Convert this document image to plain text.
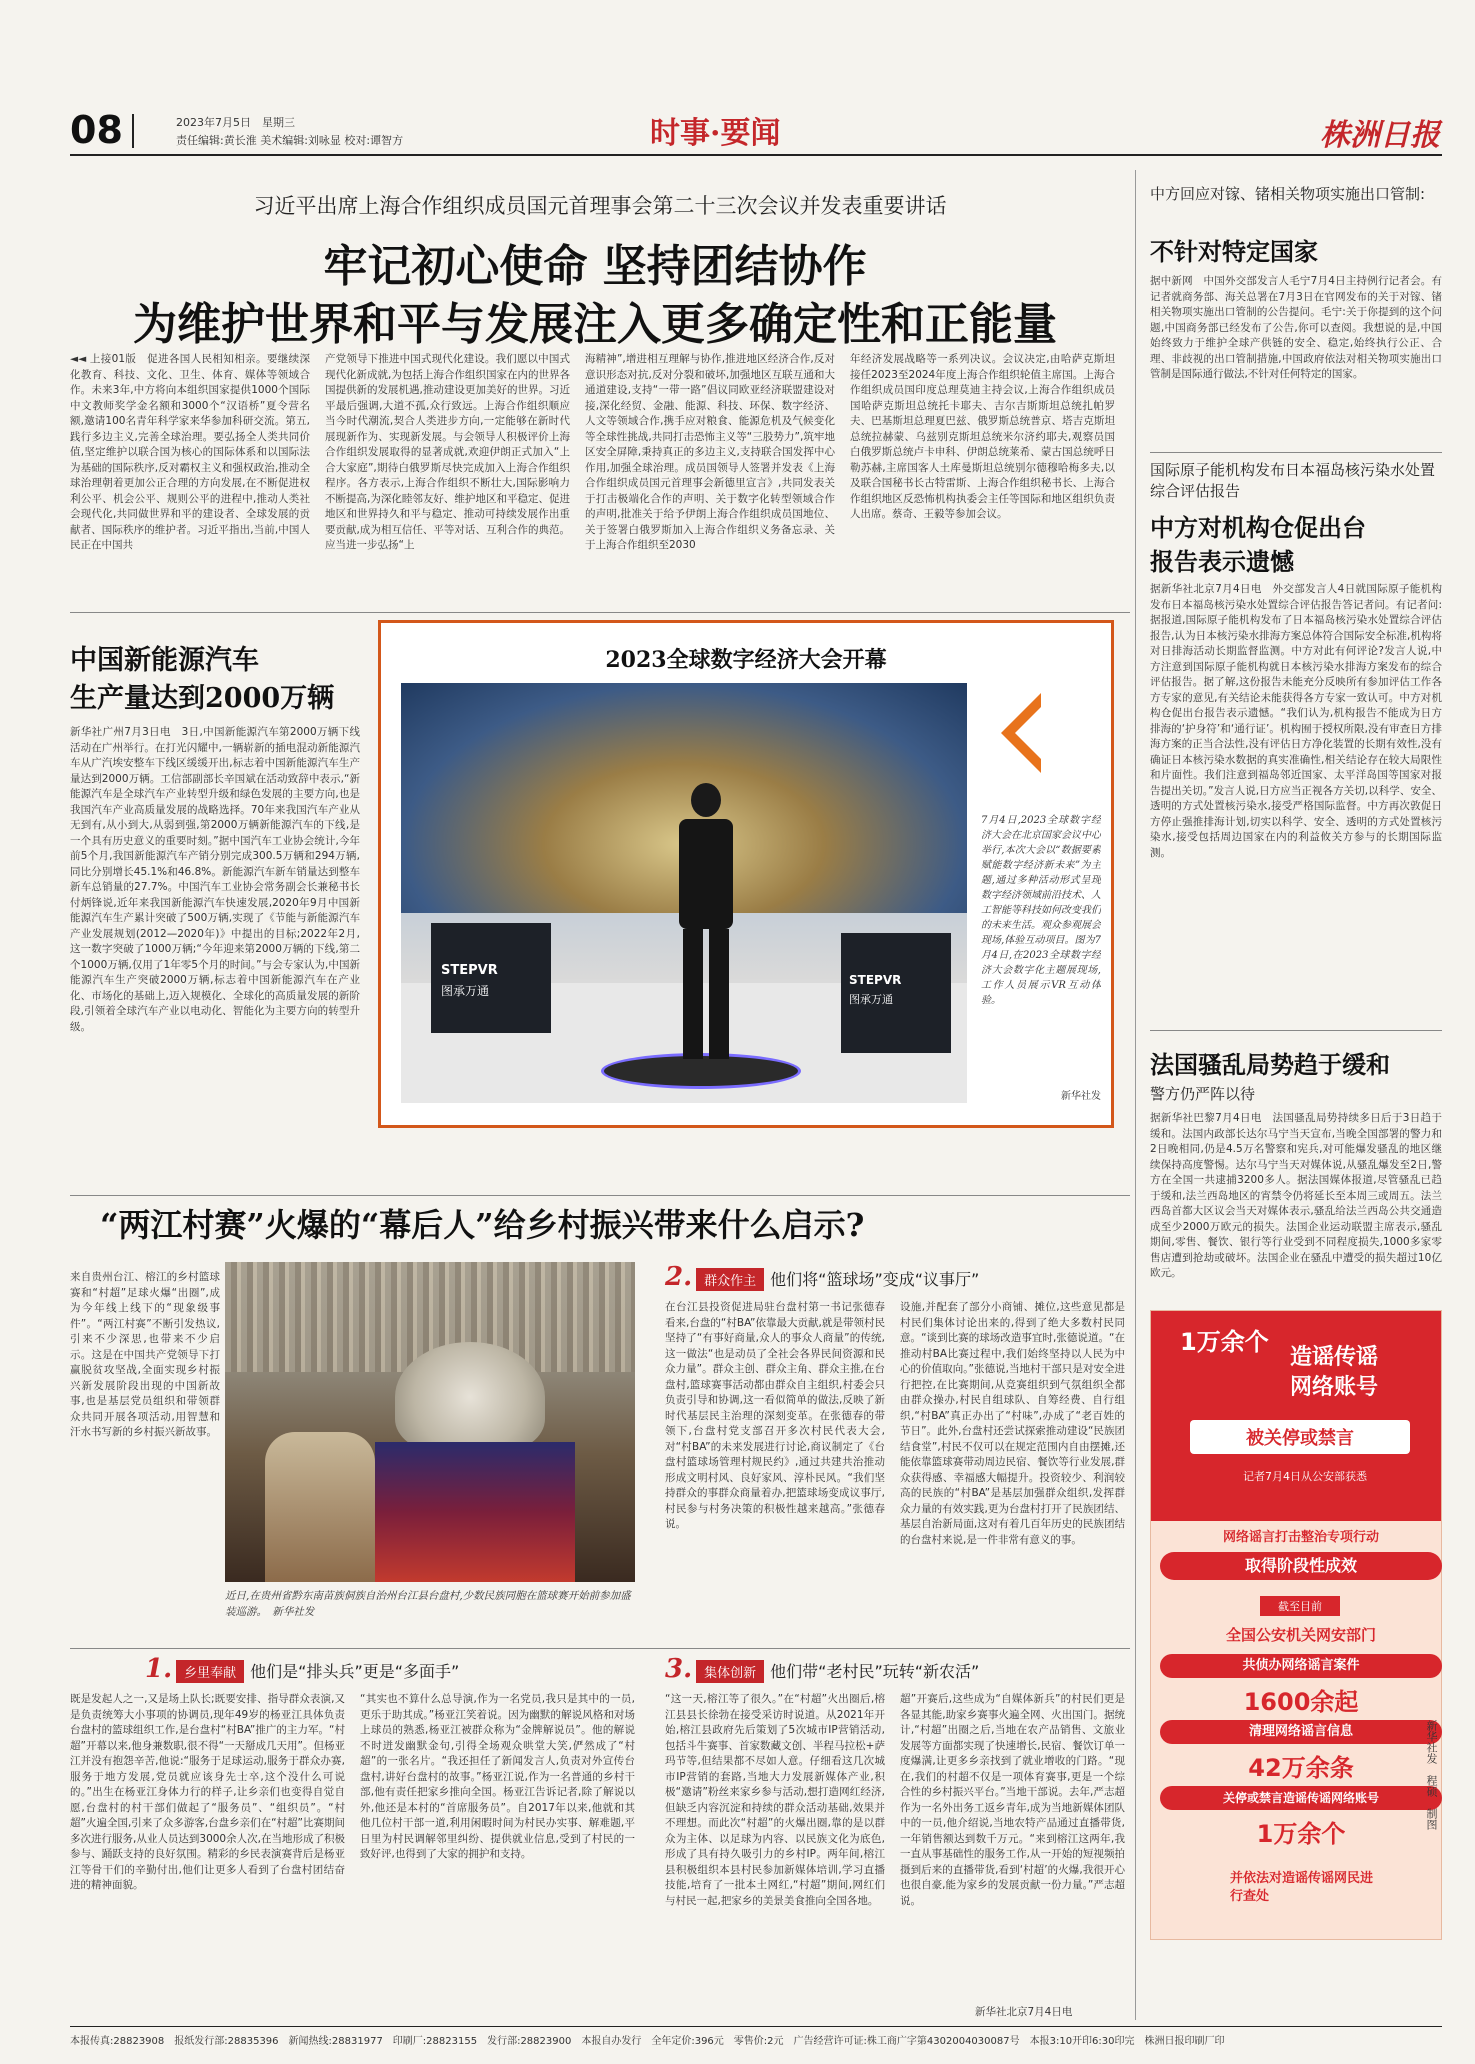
08	2023年7月5日　星期三
责任编辑:黄长淮 美术编辑:刘咏显 校对:谭智方	时事·要闻	株洲日报
习近平出席上海合作组织成员国元首理事会第二十三次会议并发表重要讲话
牢记初心使命 坚持团结协作
为维护世界和平与发展注入更多确定性和正能量
◄◄ 上接01版　促进各国人民相知相亲。要继续深化教育、科技、文化、卫生、体育、媒体等领域合作。未来3年,中方将向本组织国家提供1000个国际中文教师奖学金名额和3000个“汉语桥”夏令营名额,邀请100名青年科学家来华参加科研交流。第五,践行多边主义,完善全球治理。要弘扬全人类共同价值,坚定维护以联合国为核心的国际体系和以国际法为基础的国际秩序,反对霸权主义和强权政治,推动全球治理朝着更加公正合理的方向发展,在不断促进权利公平、机会公平、规则公平的进程中,推动人类社会现代化,共同做世界和平的建设者、全球发展的贡献者、国际秩序的维护者。习近平指出,当前,中国人民正在中国共
产党领导下推进中国式现代化建设。我们愿以中国式现代化新成就,为包括上海合作组织国家在内的世界各国提供新的发展机遇,推动建设更加美好的世界。习近平最后强调,大道不孤,众行致远。上海合作组织顺应当今时代潮流,契合人类进步方向,一定能够在新时代展现新作为、实现新发展。与会领导人积极评价上海合作组织发展取得的显著成就,欢迎伊朗正式加入“上合大家庭”,期待白俄罗斯尽快完成加入上海合作组织程序。各方表示,上海合作组织不断壮大,国际影响力不断提高,为深化睦邻友好、维护地区和平稳定、促进地区和世界持久和平与稳定、推动可持续发展作出重要贡献,成为相互信任、平等对话、互利合作的典范。应当进一步弘扬“上
海精神”,增进相互理解与协作,推进地区经济合作,反对意识形态对抗,反对分裂和破坏,加强地区互联互通和大通道建设,支持“一带一路”倡议同欧亚经济联盟建设对接,深化经贸、金融、能源、科技、环保、数字经济、人文等领域合作,携手应对粮食、能源危机及气候变化等全球性挑战,共同打击恐怖主义等“三股势力”,筑牢地区安全屏障,秉持真正的多边主义,支持联合国发挥中心作用,加强全球治理。成员国领导人签署并发表《上海合作组织成员国元首理事会新德里宣言》,共同发表关于打击极端化合作的声明、关于数字化转型领域合作的声明,批准关于给予伊朗上海合作组织成员国地位、关于签署白俄罗斯加入上海合作组织义务备忘录、关于上海合作组织至2030
年经济发展战略等一系列决议。会议决定,由哈萨克斯坦接任2023至2024年度上海合作组织轮值主席国。上海合作组织成员国印度总理莫迪主持会议,上海合作组织成员国哈萨克斯坦总统托卡耶夫、吉尔吉斯斯坦总统扎帕罗夫、巴基斯坦总理夏巴兹、俄罗斯总统普京、塔吉克斯坦总统拉赫蒙、乌兹别克斯坦总统米尔济约耶夫,观察员国白俄罗斯总统卢卡申科、伊朗总统莱希、蒙古国总统呼日勒苏赫,主席国客人土库曼斯坦总统别尔德穆哈梅多夫,以及联合国秘书长古特雷斯、上海合作组织秘书长、上海合作组织地区反恐怖机构执委会主任等国际和地区组织负责人出席。蔡奇、王毅等参加会议。
中国新能源汽车
生产量达到2000万辆
新华社广州7月3日电　3日,中国新能源汽车第2000万辆下线活动在广州举行。在打光闪耀中,一辆崭新的插电混动新能源汽车从广汽埃安整车下线区缓缓开出,标志着中国新能源汽车生产量达到2000万辆。工信部副部长辛国斌在活动致辞中表示,“新能源汽车是全球汽车产业转型升级和绿色发展的主要方向,也是我国汽车产业高质量发展的战略选择。70年来我国汽车产业从无到有,从小到大,从弱到强,第2000万辆新能源汽车的下线,是一个具有历史意义的重要时刻。”据中国汽车工业协会统计,今年前5个月,我国新能源汽车产销分别完成300.5万辆和294万辆,同比分别增长45.1%和46.8%。新能源汽车新车销量达到整车新车总销量的27.7%。中国汽车工业协会常务副会长兼秘书长付炳锋说,近年来我国新能源汽车快速发展,2020年9月中国新能源汽车生产累计突破了500万辆,实现了《节能与新能源汽车产业发展规划(2012—2020年)》中提出的目标;2022年2月,这一数字突破了1000万辆;“今年迎来第2000万辆的下线,第二个1000万辆,仅用了1年零5个月的时间。”与会专家认为,中国新能源汽车生产突破2000万辆,标志着中国新能源汽车在产业化、市场化的基础上,迈入规模化、全球化的高质量发展的新阶段,引领着全球汽车产业以电动化、智能化为主要方向的转型升级。
2023全球数字经济大会开幕
STEPVR
图承万通
STEPVR
图承万通
7月4日,2023全球数字经济大会在北京国家会议中心举行,本次大会以“数据要素赋能数字经济新未来”为主题,通过多种活动形式呈现数字经济领域前沿技术、人工智能等科技如何改变我们的未来生活。观众参观展会现场,体验互动项目。图为7月4日,在2023全球数字经济大会数字化主题展现场,工作人员展示VR互动体验。
新华社发
中方回应对镓、锗相关物项实施出口管制:
不针对特定国家
据中新网　中国外交部发言人毛宁7月4日主持例行记者会。有记者就商务部、海关总署在7月3日在官网发布的关于对镓、锗相关物项实施出口管制的公告提问。毛宁:关于你提到的这个问题,中国商务部已经发布了公告,你可以查阅。我想说的是,中国始终致力于维护全球产供链的安全、稳定,始终执行公正、合理、非歧视的出口管制措施,中国政府依法对相关物项实施出口管制是国际通行做法,不针对任何特定的国家。
国际原子能机构发布日本福岛核污染水处置综合评估报告
中方对机构仓促出台
报告表示遗憾
据新华社北京7月4日电　外交部发言人4日就国际原子能机构发布日本福岛核污染水处置综合评估报告答记者问。有记者问:据报道,国际原子能机构发布了日本福岛核污染水处置综合评估报告,认为日本核污染水排海方案总体符合国际安全标准,机构将对日排海活动长期监督监测。中方对此有何评论?发言人说,中方注意到国际原子能机构就日本核污染水排海方案发布的综合评估报告。据了解,这份报告未能充分反映所有参加评估工作各方专家的意见,有关结论未能获得各方专家一致认可。中方对机构仓促出台报告表示遗憾。“我们认为,机构报告不能成为日方排海的‘护身符’和‘通行证’。机构囿于授权所限,没有审查日方排海方案的正当合法性,没有评估日方净化装置的长期有效性,没有确证日本核污染水数据的真实准确性,相关结论存在较大局限性和片面性。我们注意到福岛邻近国家、太平洋岛国等国家对报告提出关切。”发言人说,日方应当正视各方关切,以科学、安全、透明的方式处置核污染水,接受严格国际监督。中方再次敦促日方停止强推排海计划,切实以科学、安全、透明的方式处置核污染水,接受包括周边国家在内的利益攸关方参与的长期国际监测。
法国骚乱局势趋于缓和
警方仍严阵以待
据新华社巴黎7月4日电　法国骚乱局势持续多日后于3日趋于缓和。法国内政部长达尔马宁当天宣布,当晚全国部署的警力和2日晚相同,仍是4.5万名警察和宪兵,对可能爆发骚乱的地区继续保持高度警惕。达尔马宁当天对媒体说,从骚乱爆发至2日,警方在全国一共逮捕3200多人。据法国媒体报道,尽管骚乱已趋于缓和,法兰西岛地区的宵禁令仍将延长至本周三或周五。法兰西岛首都大区议会当天对媒体表示,骚乱给法兰西岛公共交通造成至少2000万欧元的损失。法国企业运动联盟主席表示,骚乱期间,零售、餐饮、银行等行业受到不同程度损失,1000多家零售店遭到抢劫或破坏。法国企业在骚乱中遭受的损失超过10亿欧元。
1万余个
造谣传谣
网络账号
被关停或禁言
记者7月4日从公安部获悉
网络谣言打击整治专项行动
取得阶段性成效
截至目前
全国公安机关网安部门
共侦办网络谣言案件
1600余起
清理网络谣言信息
42万余条
关停或禁言造谣传谣网络账号
1万余个
并依法对造谣传谣网民进行查处
新华社发　程硕　制图
“两江村赛”火爆的“幕后人”给乡村振兴带来什么启示?
来自贵州台江、榕江的乡村篮球赛和“村超”足球火爆“出圈”,成为今年线上线下的“现象级事件”。“两江村赛”不断引发热议,引来不少深思,也带来不少启示。这是在中国共产党领导下打赢脱贫攻坚战,全面实现乡村振兴新发展阶段出现的中国新故事,也是基层党员组织和带领群众共同开展各项活动,用智慧和汗水书写新的乡村振兴新故事。
近日,在贵州省黔东南苗族侗族自治州台江县台盘村,少数民族同胞在篮球赛开始前参加盛装巡游。　新华社发
2. 群众作主 他们将“篮球场”变成“议事厅”
在台江县投资促进局驻台盘村第一书记张德春看来,台盘的“村BA”依靠最大贡献,就是带领村民坚持了“有事好商量,众人的事众人商量”的传统,这一做法“也是动员了全社会各界民间资源和民众力量”。群众主创、群众主角、群众主推,在台盘村,篮球赛事活动都由群众自主组织,村委会只负责引导和协调,这一看似简单的做法,反映了新时代基层民主治理的深刻变革。在张德春的带领下,台盘村党支部召开多次村民代表大会,对“村BA”的未来发展进行讨论,商议制定了《台盘村篮球场管理村规民约》,通过共建共治推动形成文明村风、良好家风、淳朴民风。“我们坚持群众的事群众商量着办,把篮球场变成议事厅,村民参与村务决策的积极性越来越高。”张德春说。
设施,并配套了部分小商铺、摊位,这些意见都是村民们集体讨论出来的,得到了绝大多数村民同意。“谈到比赛的球场改造事宜时,张德说道。“在推动村BA比赛过程中,我们始终坚持以人民为中心的价值取向。”张德说,当地村干部只是对安全进行把控,在比赛期间,从竞赛组织到气氛组织全都由群众操办,村民自组球队、自筹经费、自行组织,“村BA”真正办出了“村味”,办成了“老百姓的节日”。此外,台盘村还尝试探索推动建设“民族团结食堂”,村民不仅可以在规定范围内自由摆摊,还能依靠篮球赛带动周边民宿、餐饮等行业发展,群众获得感、幸福感大幅提升。投资较少、利润较高的民族的“村BA”是基层加强群众组织,发挥群众力量的有效实践,更为台盘村打开了民族团结、基层自治新局面,这对有着几百年历史的民族团结的台盘村来说,是一件非常有意义的事。
1. 乡里奉献 他们是“排头兵”更是“多面手”
既是发起人之一,又是场上队长;既要安排、指导群众表演,又是负责统筹大小事项的协调员,现年49岁的杨亚江具体负责台盘村的篮球组织工作,是台盘村“村BA”推广的主力军。“村超”开幕以来,他身兼数职,很不得“一天掰成几天用”。但杨亚江并没有抱怨辛苦,他说:“服务于足球运动,服务于群众办赛,服务于地方发展,党员就应该身先士卒,这个没什么可说的。”出生在杨亚江身体力行的样子,让乡亲们也变得自觉自愿,台盘村的村干部们做起了“服务员”、“组织员”。“村超”火遍全国,引来了众多游客,台盘乡亲们在“村超”比赛期间多次进行服务,从业人员达到3000余人次,在当地形成了积极参与、踊跃支持的良好氛围。精彩的乡民表演赛背后是杨亚江等骨干们的辛勤付出,他们让更多人看到了台盘村团结奋进的精神面貌。
“其实也不算什么总导演,作为一名党员,我只是其中的一员,更乐于助其成。”杨亚江笑着说。因为幽默的解说风格和对场上球员的熟悉,杨亚江被群众称为“金牌解说员”。他的解说不时迸发幽默金句,引得全场观众哄堂大笑,俨然成了“村超”的一张名片。“我还担任了新闻发言人,负责对外宣传台盘村,讲好台盘村的故事。”杨亚江说,作为一名普通的乡村干部,他有责任把家乡推向全国。杨亚江告诉记者,除了解说以外,他还是本村的“首席服务员”。自2017年以来,他就和其他几位村干部一道,利用闲暇时间为村民办实事、解难题,平日里为村民调解邻里纠纷、提供就业信息,受到了村民的一致好评,也得到了大家的拥护和支持。
3. 集体创新 他们带“老村民”玩转“新农活”
“这一天,榕江等了很久。”在“村超”火出圈后,榕江县县长徐勃在接受采访时说道。从2021年开始,榕江县政府先后策划了5次城市IP营销活动,包括斗牛赛事、首家数藏文创、半程马拉松+萨玛节等,但结果都不尽如人意。仔细看这几次城市IP营销的套路,当地大力发展新媒体产业,积极“邀请”粉丝来家乡参与活动,想打造网红经济,但缺乏内容沉淀和持续的群众活动基础,效果并不理想。而此次“村超”的火爆出圈,靠的是以群众为主体、以足球为内容、以民族文化为底色,形成了具有持久吸引力的乡村IP。两年间,榕江县积极组织本县村民参加新媒体培训,学习直播技能,培育了一批本土网红,“村超”期间,网红们与村民一起,把家乡的美景美食推向全国各地。
超”开赛后,这些成为“自媒体新兵”的村民们更是各显其能,助家乡赛事火遍全网、火出国门。据统计,“村超”出圈之后,当地在农产品销售、文旅业发展等方面都实现了快速增长,民宿、餐饮订单一度爆满,让更多乡亲找到了就业增收的门路。“现在,我们的村超不仅是一项体育赛事,更是一个综合性的乡村振兴平台。”当地干部说。去年,严志超作为一名外出务工返乡青年,成为当地新媒体团队中的一员,他介绍说,当地农特产品通过直播带货,一年销售额达到数千万元。“来到榕江这两年,我一直从事基础性的服务工作,从一开始的短视频拍摄到后来的直播带货,看到‘村超’的火爆,我很开心也很自豪,能为家乡的发展贡献一份力量。”严志超说。
新华社北京7月4日电
本报传真:28823908　报纸发行部:28835396　新闻热线:28831977　印刷厂:28823155　发行部:28823900　本报自办发行　全年定价:396元　零售价:2元　广告经营许可证:株工商广字第4302004030087号　本报3:10开印6:30印完　株洲日报印刷厂印
